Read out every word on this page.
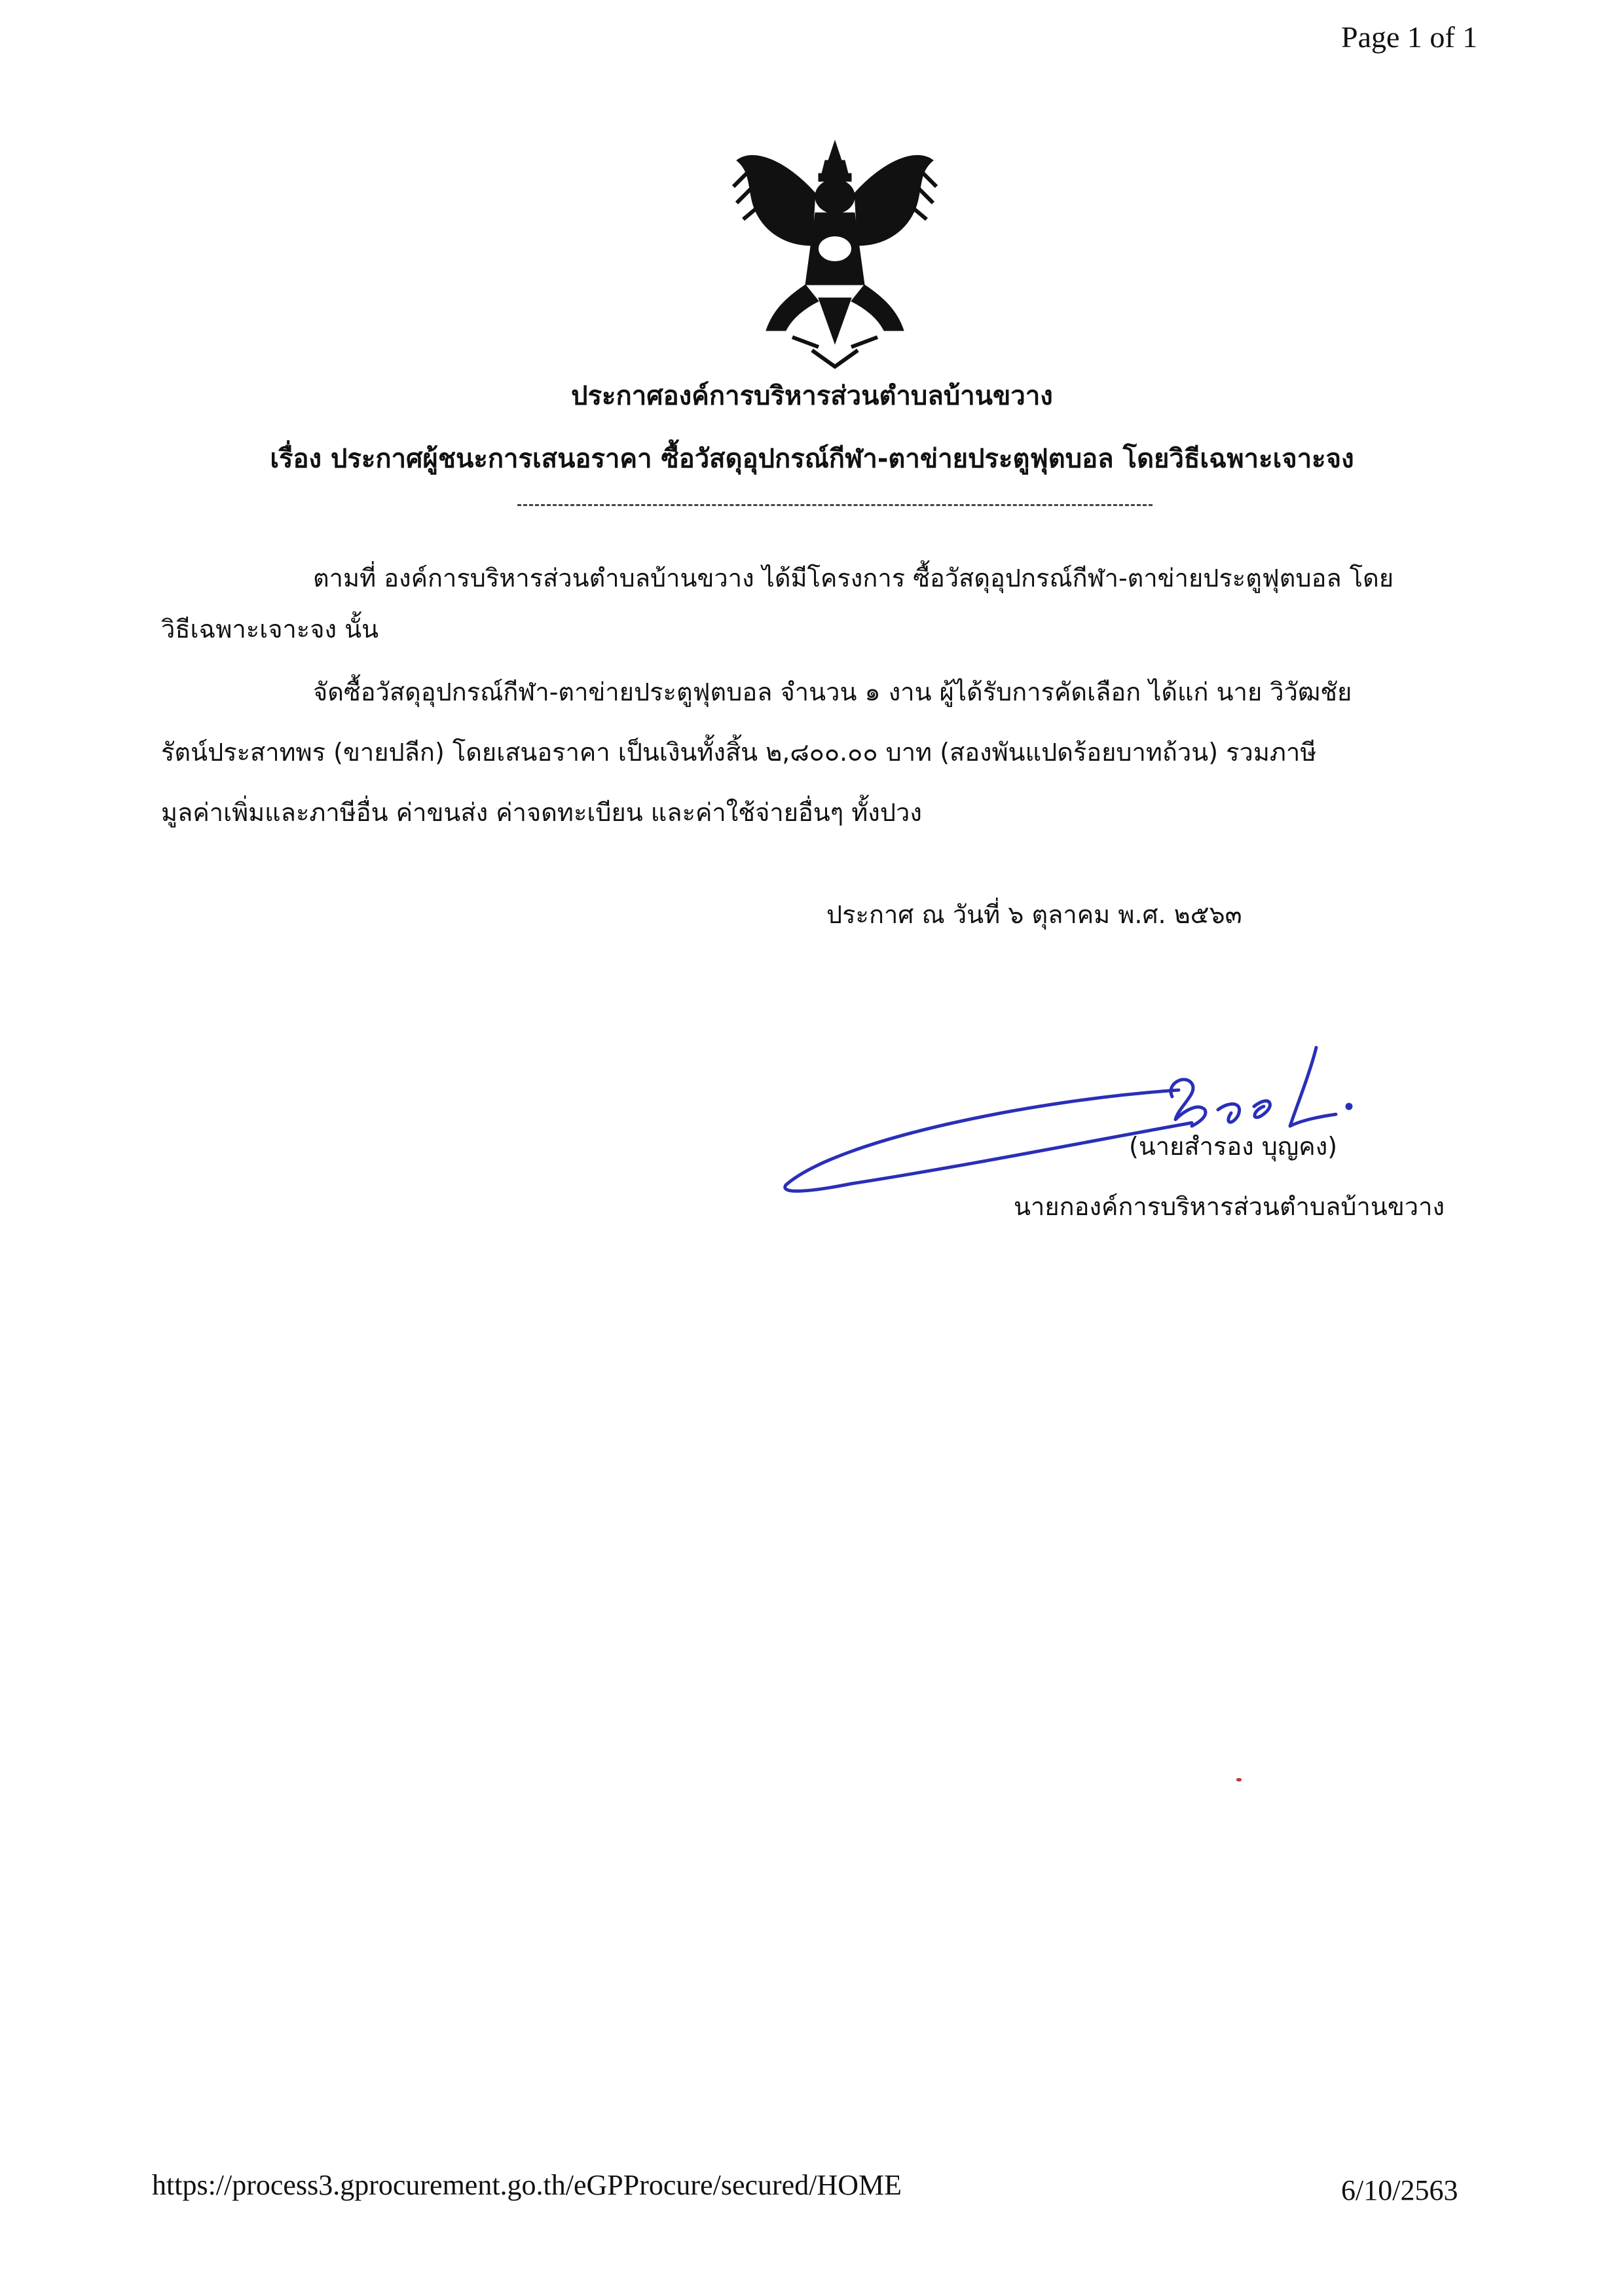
Page 1 of 1
ประกาศองค์การบริหารส่วนตำบลบ้านขวาง
เรื่อง ประกาศผู้ชนะการเสนอราคา ซื้อวัสดุอุปกรณ์กีฬา-ตาข่ายประตูฟุตบอล โดยวิธีเฉพาะเจาะจง
ตามที่ องค์การบริหารส่วนตำบลบ้านขวาง ได้มีโครงการ ซื้อวัสดุอุปกรณ์กีฬา-ตาข่ายประตูฟุตบอล โดย
วิธีเฉพาะเจาะจง นั้น
จัดซื้อวัสดุอุปกรณ์กีฬา-ตาข่ายประตูฟุตบอล จำนวน ๑ งาน ผู้ได้รับการคัดเลือก ได้แก่ นาย วิวัฒชัย
รัตน์ประสาทพร (ขายปลีก) โดยเสนอราคา เป็นเงินทั้งสิ้น ๒,๘๐๐.๐๐ บาท (สองพันแปดร้อยบาทถ้วน) รวมภาษี
มูลค่าเพิ่มและภาษีอื่น ค่าขนส่ง ค่าจดทะเบียน และค่าใช้จ่ายอื่นๆ ทั้งปวง
ประกาศ ณ วันที่ ๖ ตุลาคม พ.ศ. ๒๕๖๓
(นายสำรอง บุญคง)
นายกองค์การบริหารส่วนตำบลบ้านขวาง
https://process3.gprocurement.go.th/eGPProcure/secured/HOME	6/10/2563
